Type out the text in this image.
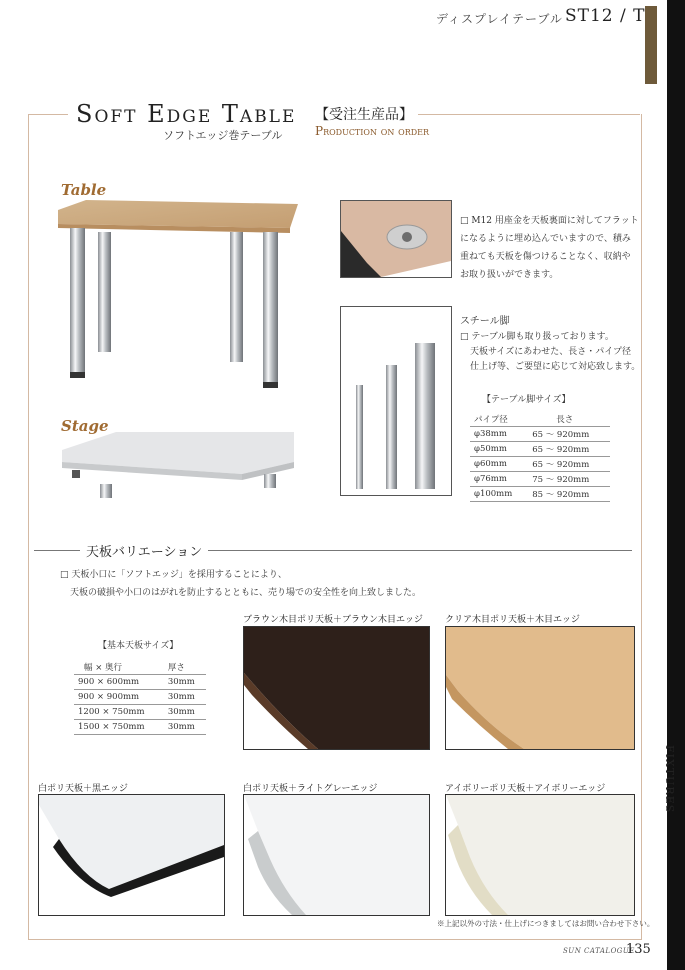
ディスプレイテーブル ST12 / T
FIXTURES
Soft Edge Table
ソフトエッジ巻テーブル
【受注生産品】
Production on order
Table
Stage
□ M12 用座金を天板裏面に対してフラット
になるように埋め込んでいますので、積み
重ねても天板を傷つけることなく、収納や
お取り扱いができます。
スチール脚
□ テーブル脚も取り扱っております。
天板サイズにあわせた、長さ・パイプ径
仕上げ等、ご要望に応じて対応致します。
【テーブル脚サイズ】
パイプ径	長さ
φ38mm	65 ～ 920mm
φ50mm	65 ～ 920mm
φ60mm	65 ～ 920mm
φ76mm	75 ～ 920mm
φ100mm	85 ～ 920mm
天板バリエーション
□ 天板小口に「ソフトエッジ」を採用することにより、
天板の破損や小口のはがれを防止するとともに、売り場での安全性を向上致しました。
【基本天板サイズ】
幅 × 奥行	厚さ
900 × 600mm	30mm
900 × 900mm	30mm
1200 × 750mm	30mm
1500 × 750mm	30mm
ブラウン木目ポリ天板＋ブラウン木目エッジ クリア木目ポリ天板＋木目エッジ
白ポリ天板＋黒エッジ	白ポリ天板＋ライトグレーエッジ	アイボリーポリ天板＋アイボリーエッジ
※上記以外の寸法・仕上げにつきましてはお問い合わせ下さい。
SUN CATALOGUE
135
